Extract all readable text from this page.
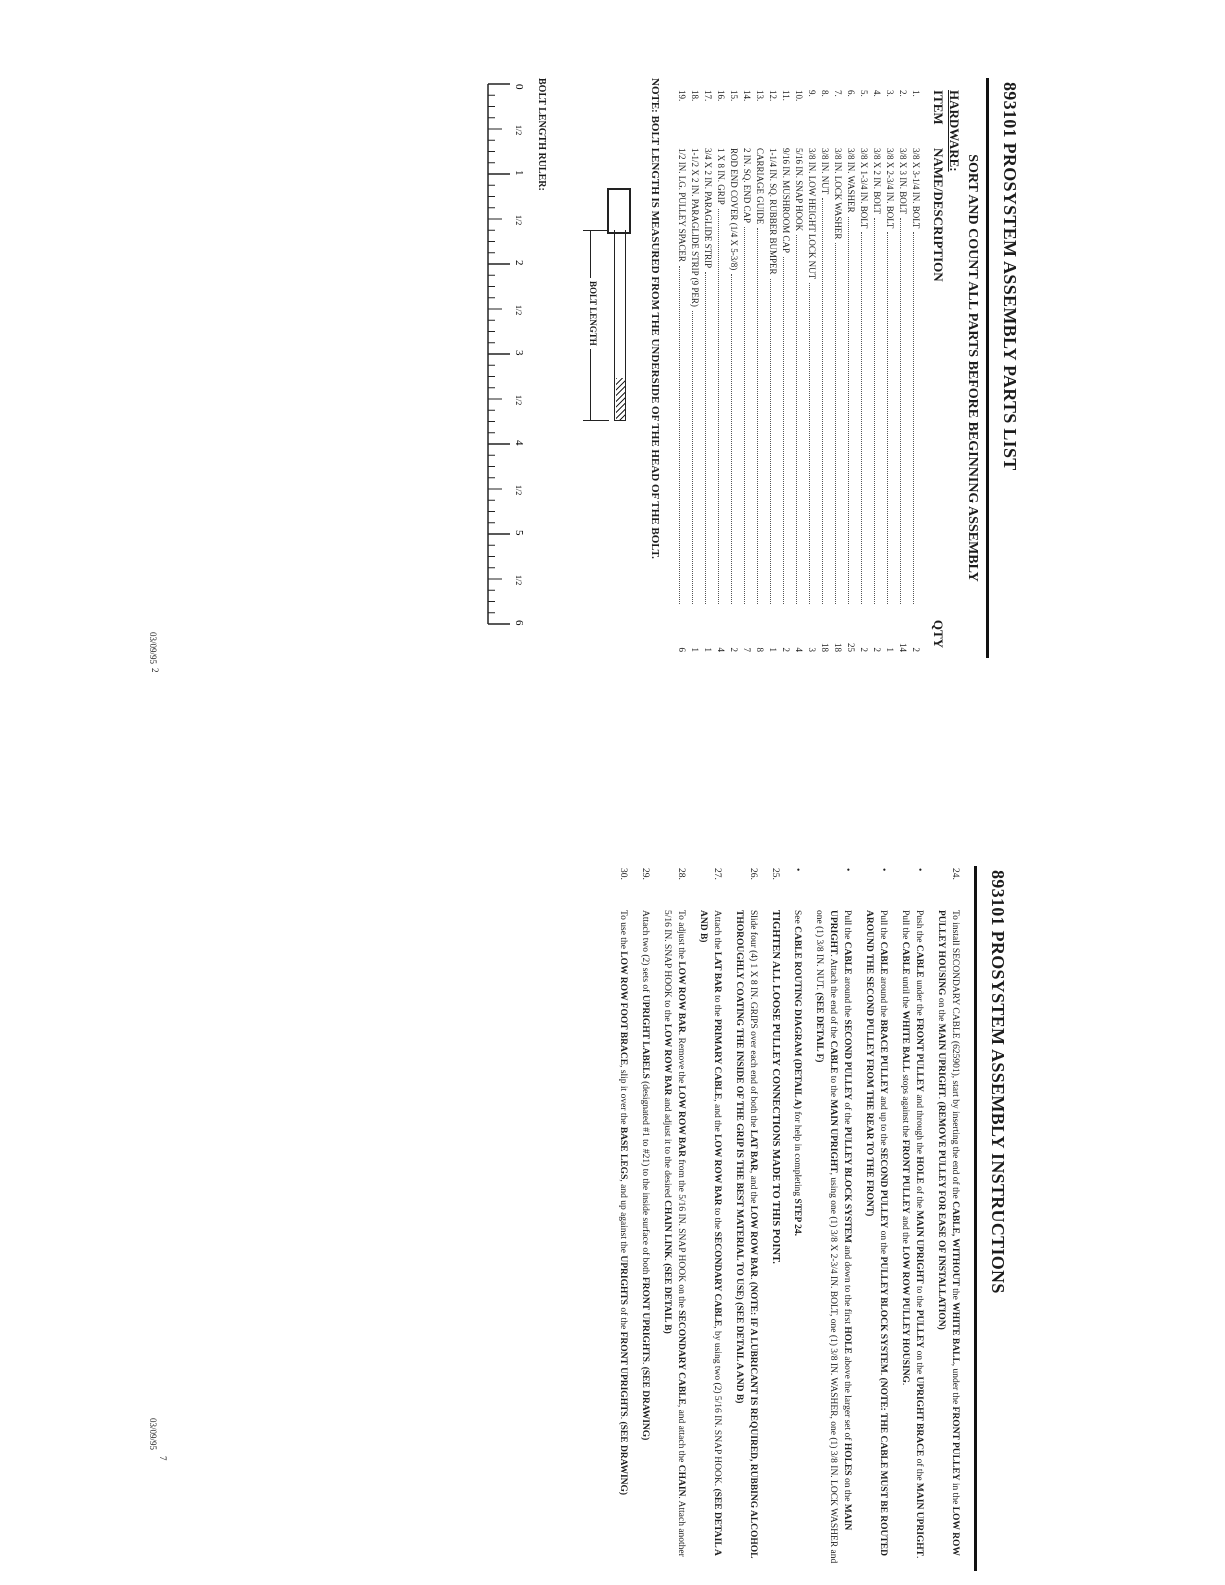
893101 PROSYSTEM ASSEMBLY PARTS LIST
SORT AND COUNT ALL PARTS BEFORE BEGINNING ASSEMBLY
HARDWARE:
ITEM
NAME/DESCRIPTION
QTY
1.
3/8 X 3-1/4 IN. BOLT
2
2.
3/8 X 3 IN. BOLT
14
3.
3/8 X 2-3/4 IN. BOLT
1
4.
3/8 X 2 IN. BOLT
2
5.
3/8 X 1-3/4 IN. BOLT
2
6.
3/8 IN. WASHER
25
7.
3/8 IN. LOCK WASHER
18
8.
3/8 IN. NUT
18
9.
3/8 IN. LOW HEIGHT LOCK NUT
3
10.
5/16 IN. SNAP HOOK
4
11.
9/16 IN. MUSHROOM CAP
2
12.
1-1/4 IN. SQ. RUBBER BUMPER
1
13.
CARRIAGE GUIDE
8
14.
2 IN. SQ. END CAP
7
15.
ROD END COVER (1/4 X 5-3/8)
2
16.
1 X 8 IN. GRIP
4
17.
3/4 X 2 IN. PARAGLIDE STRIP
1
18.
1-1/2 X 2 IN. PARAGLIDE STRIP (9 PER)
1
19.
1/2 IN. LG. PULLEY SPACER
6
NOTE: BOLT LENGTH IS MEASURED FROM THE UNDERSIDE OF THE HEAD OF THE BOLT.
BOLT LENGTH
BOLT LENGTH RULER:
0
1/2
1
1/2
2
1/2
3
1/2
4
1/2
5
1/2
6
2
03/09/95
893101 PROSYSTEM ASSEMBLY INSTRUCTIONS
24.
To install SECONDARY CABLE (625901), start by inserting the end of the CABLE, WITHOUT the WHITE BALL, under the FRONT PULLEY in the LOW ROW PULLEY HOUSING on the MAIN UPRIGHT. (REMOVE PULLEY FOR EASE OF INSTALLATION)
•
Push the CABLE under the FRONT PULLEY and through the HOLE of the MAIN UPRIGHT to the PULLEY on the UPRIGHT BRACE of the MAIN UPRIGHT. Pull the CABLE until the WHITE BALL stops against the FRONT PULLEY and the LOW ROW PULLEY HOUSING.
•
Pull the CABLE around the BRACE PULLEY and up to the SECOND PULLEY on the PULLEY BLOCK SYSTEM. (NOTE: THE CABLE MUST BE ROUTED AROUND THE SECOND PULLEY FROM THE REAR TO THE FRONT)
•
Pull the CABLE around the SECOND PULLEY of the PULLEY BLOCK SYSTEM and down to the first HOLE above the larger set of HOLES on the MAIN UPRIGHT. Attach the end of the CABLE to the MAIN UPRIGHT, using one (1) 3/8 X 2-3/4 IN. BOLT, one (1) 3/8 IN. WASHER, one (1) 3/8 IN. LOCK WASHER and one (1) 3/8 IN. NUT. (SEE DETAIL F)
•
See CABLE ROUTING DIAGRAM (DETAIL A) for help in completing STEP 24.
25.
TIGHTEN ALL LOOSE PULLEY CONNECTIONS MADE TO THIS POINT.
26.
Slide four (4) 1 X 8 IN. GRIPS over each end of both the LAT BAR, and the LOW ROW BAR. (NOTE: IF A LUBRICANT IS REQUIRED, RUBBING ALCOHOL THOROUGHLY COATING THE INSIDE OF THE GRIP IS THE BEST MATERIAL TO USE) (SEE DETAIL A AND B)
27.
Attach the LAT BAR to the PRIMARY CABLE, and the LOW ROW BAR to the SECONDARY CABLE, by using two (2) 5/16 IN. SNAP HOOK. (SEE DETAIL A AND B)
28.
To adjust the LOW ROW BAR. Remove the LOW ROW BAR from the 5/16 IN. SNAP HOOK on the SECONDARY CABLE, and attach the CHAIN. Attach another 5/16 IN. SNAP HOOK to the LOW ROW BAR and adjust it to the desired CHAIN LINK. (SEE DETAIL B)
29.
Attach two (2) sets of UPRIGHT LABELS (designated #1 to #21) to the inside surface of both FRONT UPRIGHTS. (SEE DRAWING)
30.
To use the LOW ROW FOOT BRACE, slip it over the BASE LEGS, and up against the UPRIGHTS of the FRONT UPRIGHTS. (SEE DRAWING)
7
03/09/95
